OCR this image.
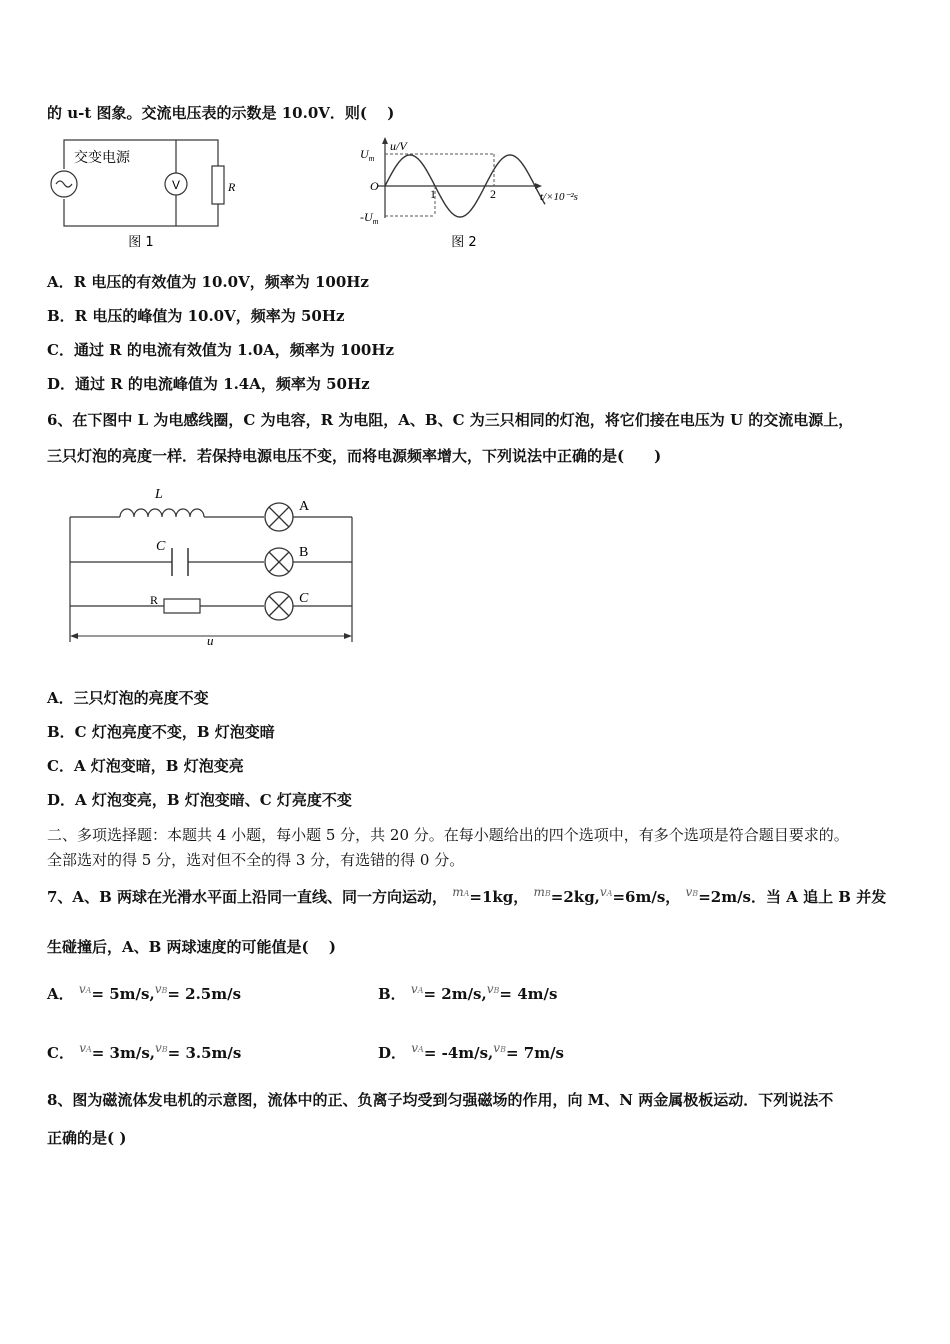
的 u-t 图象。交流电压表的示数是 10.0V．则(　 )
V	R
交变电源
图 1
$U_m$
u/V
O
$-U_m$
1	2	t/×10⁻²s
图 2
A．R 电压的有效值为 10.0V，频率为 100Hz
B．R 电压的峰值为 10.0V，频率为 50Hz
C．通过 R 的电流有效值为 1.0A，频率为 100Hz
D．通过 R 的电流峰值为 1.4A，频率为 50Hz
6、在下图中 L 为电感线圈，C 为电容，R 为电阻，A、B、C 为三只相同的灯泡，将它们接在电压为 U 的交流电源上，
三只灯泡的亮度一样．若保持电源电压不变，而将电源频率增大，下列说法中正确的是(　　)
L
A
C	B
R	C
u
A．三只灯泡的亮度不变
B．C 灯泡亮度不变，B 灯泡变暗
C．A 灯泡变暗，B 灯泡变亮
D．A 灯泡变亮，B 灯泡变暗、C 灯亮度不变
二、多项选择题：本题共 4 小题，每小题 5 分，共 20 分。在每小题给出的四个选项中，有多个选项是符合题目要求的。
全部选对的得 5 分，选对但不全的得 3 分，有选错的得 0 分。
7、A、B 两球在光滑水平面上沿同一直线、同一方向运动， $^{mA}$=1kg， $^{mB}$=2kg,$^{vA}$=6m/s， $^{vB}$=2m/s．当 A 追上 B 并发
生碰撞后，A、B 两球速度的可能值是(　 )
A． $^{vA}$= 5m/s,$^{vB}$= 2.5m/s	B． $^{vA}$= 2m/s,$^{vB}$= 4m/s
C． $^{vA}$= 3m/s,$^{vB}$= 3.5m/s	D． $^{vA}$= -4m/s,$^{vB}$= 7m/s
8、图为磁流体发电机的示意图，流体中的正、负离子均受到匀强磁场的作用，向 M、N 两金属极板运动．下列说法不
正确的是( )
